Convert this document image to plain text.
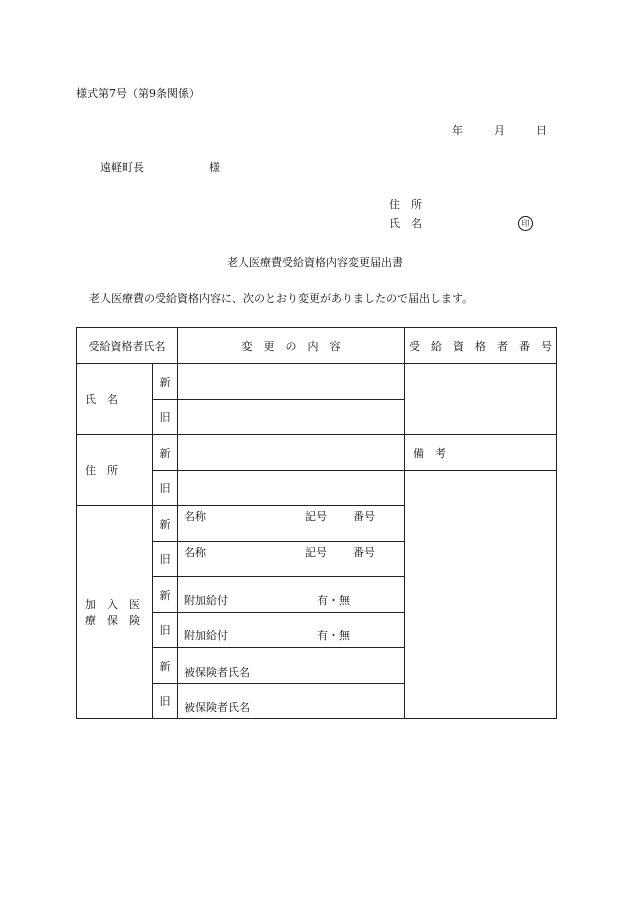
様式第7号（第9条関係）
年	月	日
遠軽町長	様
住　所
氏　名	印
老人医療費受給資格内容変更届出書
老人医療費の受給資格内容に、次のとおり変更がありましたので届出します。
受給資格者氏名		変　更　の　内　容	受　給　資　格　者　番　号
氏　名	新		
	旧		
住　所	新		備　考
	旧		
加　入　医　療　保　険	新	名称 記号 番号	

	旧	名称 記号 番号	

	新	附加給付 有・無	

	旧	附加給付 有・無	

	新	被保険者氏名	

	旧	被保険者氏名	
